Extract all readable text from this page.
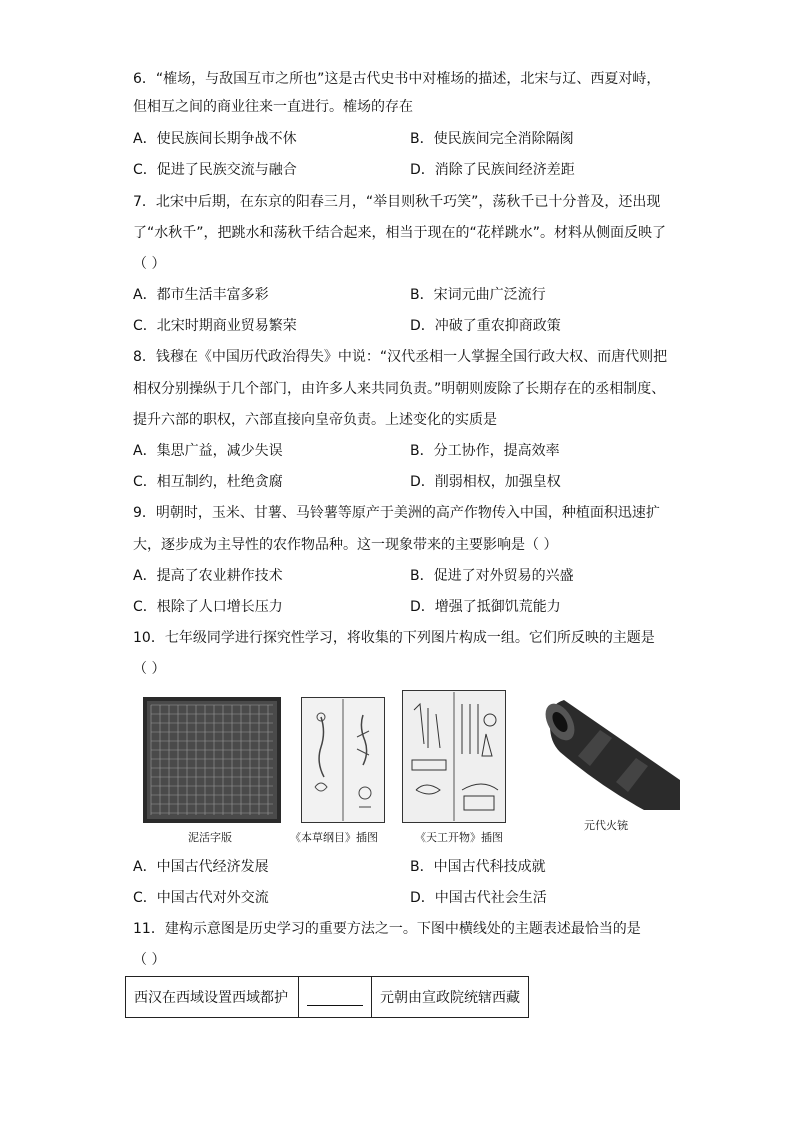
6．“榷场，与敌国互市之所也”这是古代史书中对榷场的描述，北宋与辽、西夏对峙，
但相互之间的商业往来一直进行。榷场的存在
A．使民族间长期争战不休	B．使民族间完全消除隔阂
C．促进了民族交流与融合	D．消除了民族间经济差距
7．北宋中后期，在东京的阳春三月，“举目则秋千巧笑”，荡秋千已十分普及，还出现
了“水秋千”，把跳水和荡秋千结合起来，相当于现在的“花样跳水”。材料从侧面反映了
（ ）
A．都市生活丰富多彩	B．宋词元曲广泛流行
C．北宋时期商业贸易繁荣	D．冲破了重农抑商政策
8．钱穆在《中国历代政治得失》中说：“汉代丞相一人掌握全国行政大权、而唐代则把
相权分别操纵于几个部门，由许多人来共同负责。”明朝则废除了长期存在的丞相制度、
提升六部的职权，六部直接向皇帝负责。上述变化的实质是
A．集思广益，减少失误	B．分工协作，提高效率
C．相互制约，杜绝贪腐	D．削弱相权，加强皇权
9．明朝时，玉米、甘薯、马铃薯等原产于美洲的高产作物传入中国，种植面积迅速扩
大，逐步成为主导性的农作物品种。这一现象带来的主要影响是（ ）
A．提高了农业耕作技术	B．促进了对外贸易的兴盛
C．根除了人口增长压力	D．增强了抵御饥荒能力
10．七年级同学进行探究性学习，将收集的下列图片构成一组。它们所反映的主题是
（ ）
泥活字版	《本草纲目》插图	《天工开物》插图
元代火铳
A．中国古代经济发展	B．中国古代科技成就
C．中国古代对外交流	D．中国古代社会生活
11．建构示意图是历史学习的重要方法之一。下图中横线处的主题表述最恰当的是
（ ）
西汉在西域设置西域都护		元朝由宣政院统辖西藏
